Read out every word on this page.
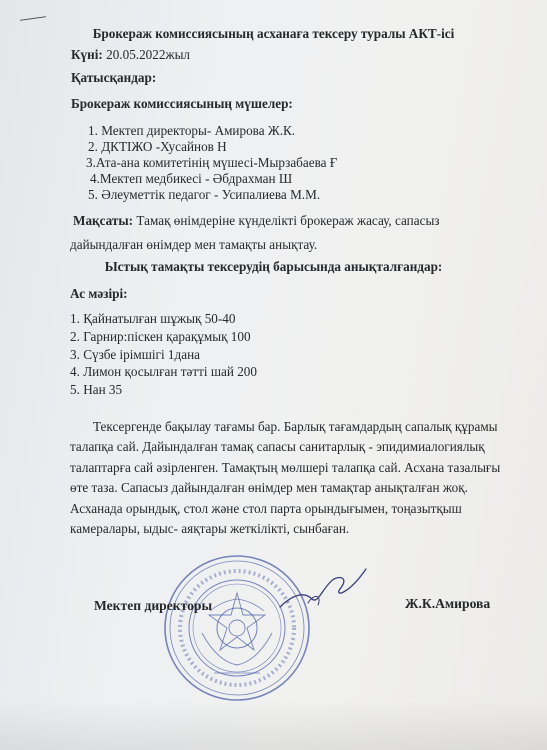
Брокераж комиссиясының асханаға тексеру туралы АКТ-ісі
Күні: 20.05.2022жыл
Қатысқандар:
Брокераж комиссиясының мүшелер:
1. Мектеп директоры- Амирова Ж.К.
2. ДКТІЖО -Хусайнов Н
3.Ата-ана комитетінің мүшесі-Мырзабаева Ғ
4.Мектеп медбикесі - Әбдрахман Ш
5. Әлеуметтік педагог - Усипалиева М.М.
Мақсаты: Тамақ өнімдеріне күнделікті брокераж жасау, сапасыз
дайындалған өнімдер мен тамақты анықтау.
Ыстық тамақты тексерудің барысында анықталғандар:
Ас мәзірі:
1. Қайнатылған шұжық 50-40
2. Гарнир:піскен қарақұмық 100
3. Сүзбе ірімшігі 1дана
4. Лимон қосылған тәтті шай 200
5. Нан 35
Тексергенде бақылау тағамы бар. Барлық тағамдардың сапалық құрамы
талапқа сай. Дайындалған тамақ сапасы санитарлық - эпидимиалогиялық
талаптарға сай әзірленген. Тамақтың мөлшері талапқа сай. Асхана тазалығы
өте таза. Сапасыз дайындалған өнімдер мен тамақтар анықталған жоқ.
Асханада орындық, стол және стол парта орындығымен, тоңазытқыш
камералары, ыдыс- аяқтары жеткілікті, сынбаған.
Мектеп директоры	Ж.К.Амирова
